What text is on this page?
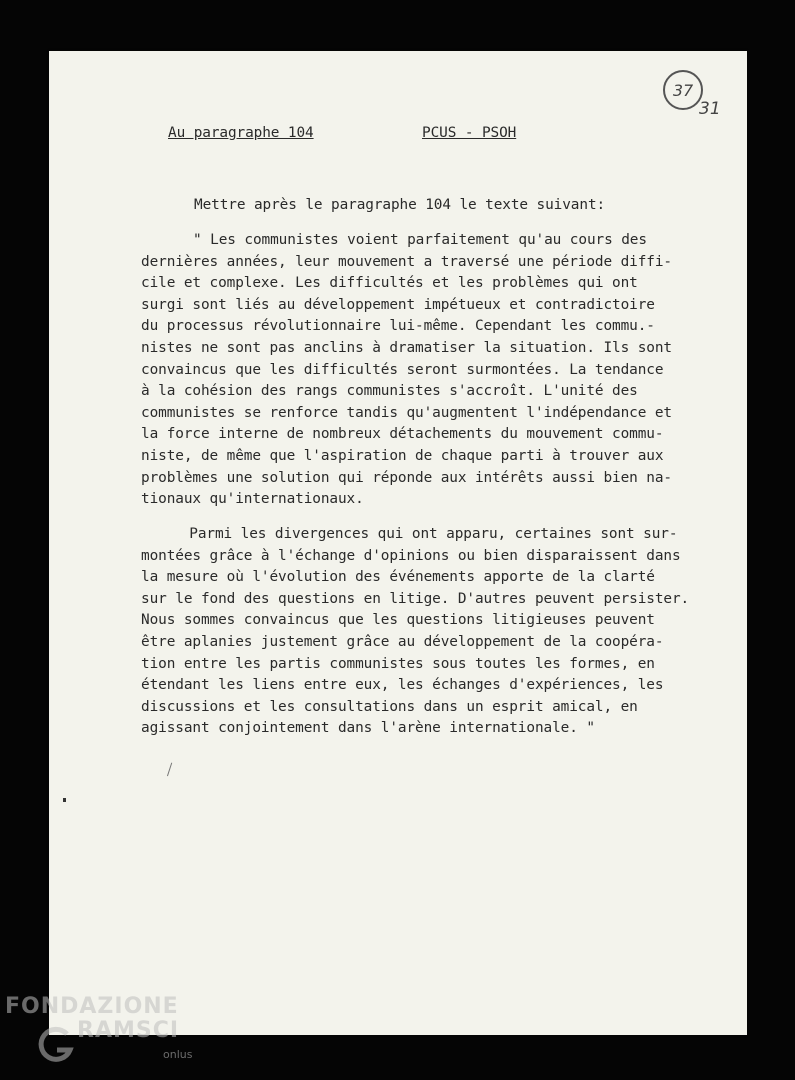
37
31
Au paragraphe 104	PCUS - PSOH
Mettre après le paragraphe 104 le texte suivant:
" Les communistes voient parfaitement qu'au cours des
dernières années, leur mouvement a traversé une période diffi-
cile et complexe. Les difficultés et les problèmes qui ont
surgi sont liés au développement impétueux et contradictoire
du processus révolutionnaire lui-même. Cependant les commu.-
nistes ne sont pas anclins à dramatiser la situation. Ils sont
convaincus que les difficultés seront surmontées. La tendance
à la cohésion des rangs communistes s'accroît. L'unité des
communistes se renforce tandis qu'augmentent l'indépendance et
la force interne de nombreux détachements du mouvement commu-
niste, de même que l'aspiration de chaque parti à trouver aux
problèmes une solution qui réponde aux intérêts aussi bien na-
tionaux qu'internationaux.
Parmi les divergences qui ont apparu, certaines sont sur-
montées grâce à l'échange d'opinions ou bien disparaissent dans
la mesure où l'évolution des événements apporte de la clarté
sur le fond des questions en litige. D'autres peuvent persister.
Nous sommes convaincus que les questions litigieuses peuvent
être aplanies justement grâce au développement de la coopéra-
tion entre les partis communistes sous toutes les formes, en
étendant les liens entre eux, les échanges d'expériences, les
discussions et les consultations dans un esprit amical, en
agissant conjointement dans l'arène internationale. "
FONDAZIONE
RAMSCI
onlus
